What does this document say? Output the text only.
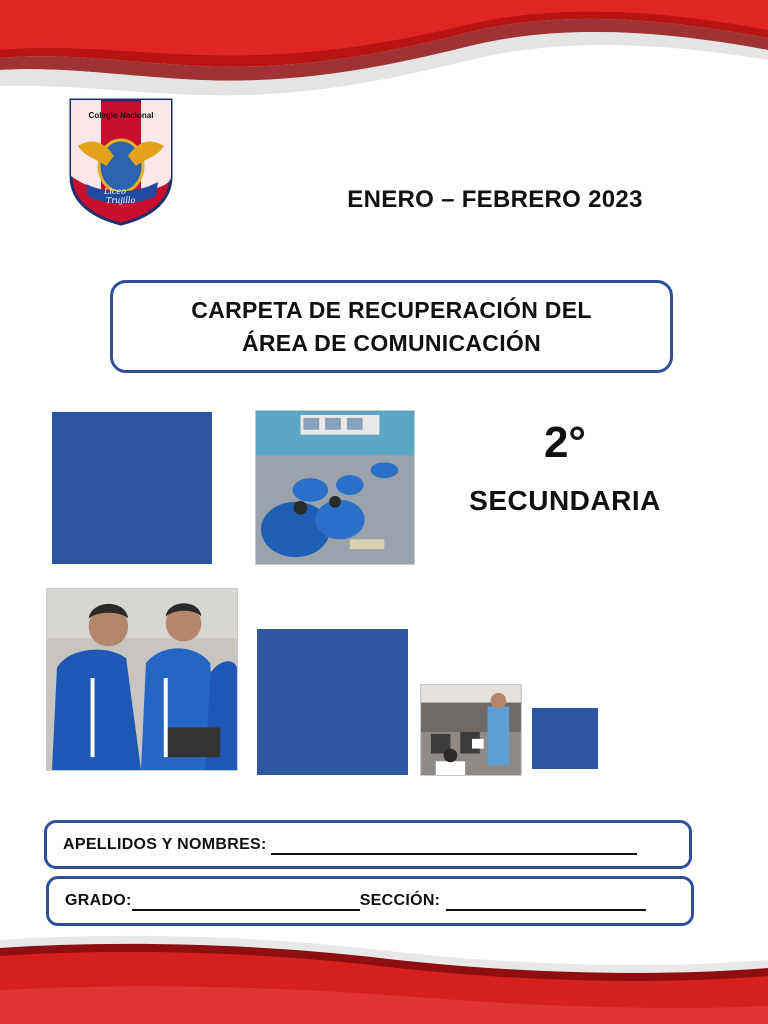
Colegio Nacional
Liceo
Trujillo	ENERO – FEBRERO 2023
CARPETA DE RECUPERACIÓN DEL
ÁREA DE COMUNICACIÓN
2°
SECUNDARIA
APELLIDOS Y NOMBRES:
GRADO:	SECCIÓN:
